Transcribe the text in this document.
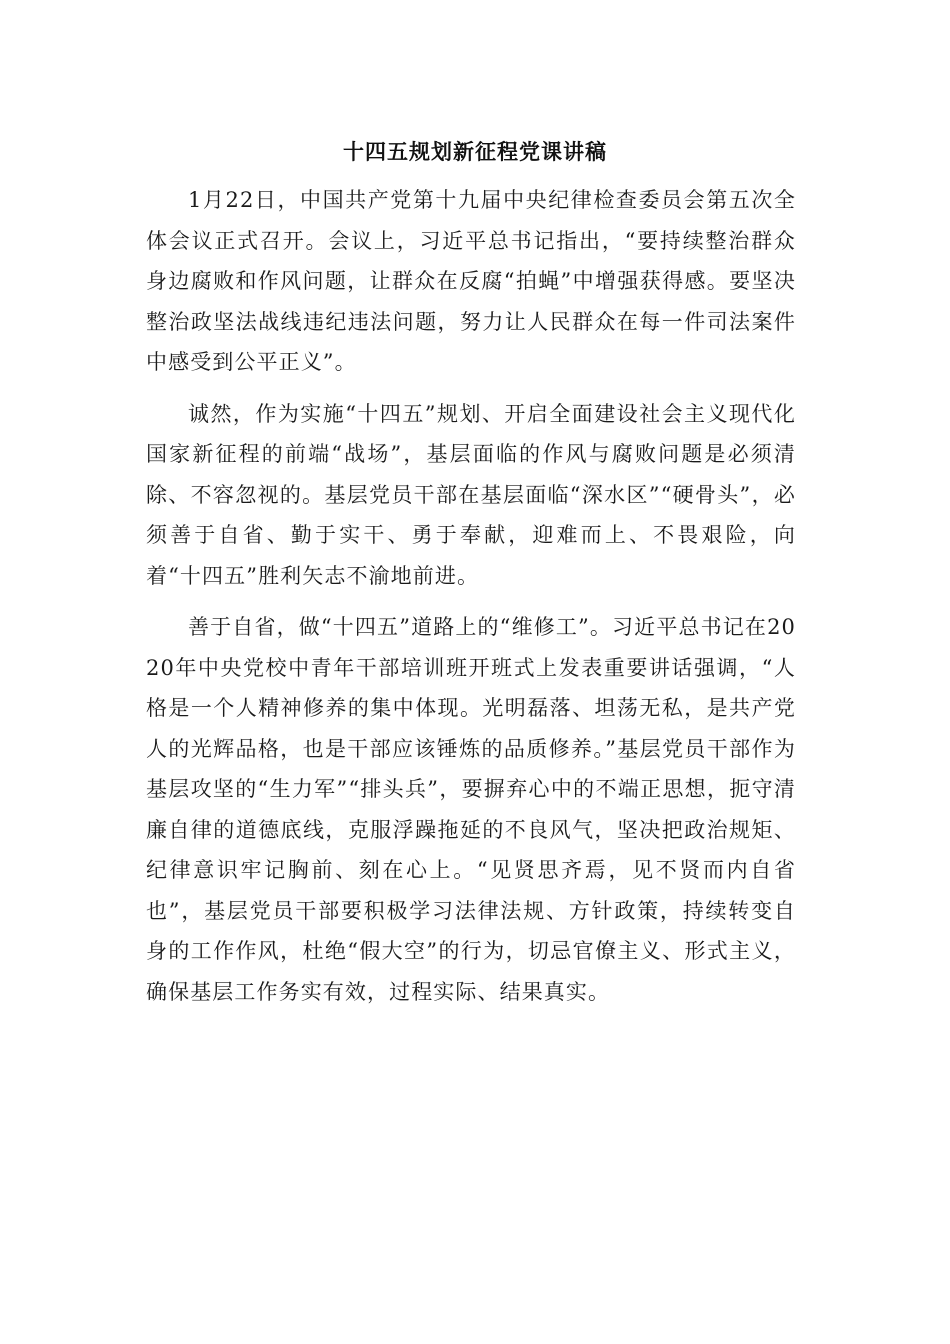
十四五规划新征程党课讲稿

1月22日，中国共产党第十九届中央纪律检查委员会第五次全体会议正式召开。会议上，习近平总书记指出，“要持续整治群众身边腐败和作风问题，让群众在反腐“拍蝇”中增强获得感。要坚决整治政坚法战线违纪违法问题，努力让人民群众在每一件司法案件中感受到公平正义”。

诚然，作为实施“十四五”规划、开启全面建设社会主义现代化国家新征程的前端“战场”，基层面临的作风与腐败问题是必须清除、不容忽视的。基层党员干部在基层面临“深水区”“硬骨头”，必须善于自省、勤于实干、勇于奉献，迎难而上、不畏艰险，向着“十四五”胜利矢志不渝地前进。

善于自省，做“十四五”道路上的“维修工”。习近平总书记在2020年中央党校中青年干部培训班开班式上发表重要讲话强调，“人格是一个人精神修养的集中体现。光明磊落、坦荡无私，是共产党人的光辉品格，也是干部应该锤炼的品质修养。”基层党员干部作为基层攻坚的“生力军”“排头兵”，要摒弃心中的不端正思想，扼守清廉自律的道德底线，克服浮躁拖延的不良风气，坚决把政治规矩、纪律意识牢记胸前、刻在心上。“见贤思齐焉，见不贤而内自省也”，基层党员干部要积极学习法律法规、方针政策，持续转变自身的工作作风，杜绝“假大空”的行为，切忌官僚主义、形式主义，确保基层工作务实有效，过程实际、结果真实。
